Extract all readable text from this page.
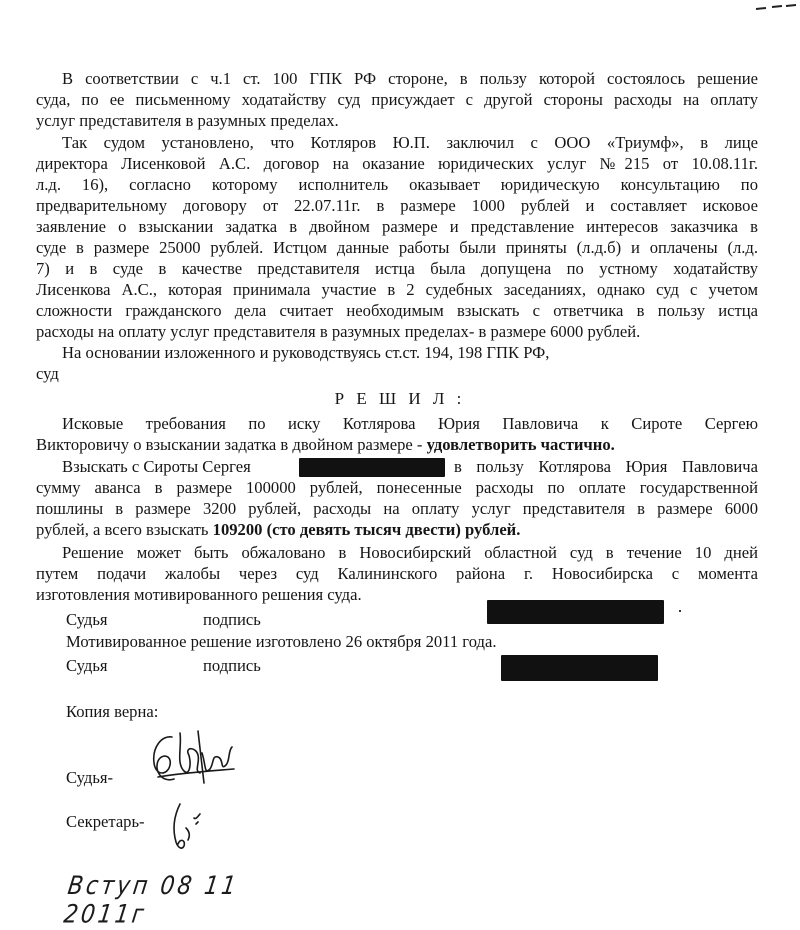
В соответствии с ч.1 ст. 100 ГПК РФ стороне, в пользу которой состоялось решение
суда, по ее письменному ходатайству суд присуждает с другой стороны расходы на оплату
услуг представителя в разумных пределах.
Так судом установлено, что Котляров Ю.П. заключил с ООО «Триумф», в лице
директора Лисенковой А.С. договор на оказание юридических услуг №215 от 10.08.11г.
л.д. 16), согласно которому исполнитель оказывает юридическую консультацию по
предварительному договору от 22.07.11г. в размере 1000 рублей и составляет исковое
заявление о взыскании задатка в двойном размере и представление интересов заказчика в
суде в размере 25000 рублей. Истцом данные работы были приняты (л.д.б) и оплачены (л.д.
7) и в суде в качестве представителя истца была допущена по устному ходатайству
Лисенкова А.С., которая принимала участие в 2 судебных заседаниях, однако суд с учетом
сложности гражданского дела считает необходимым взыскать с ответчика в пользу истца
расходы на оплату услуг представителя в разумных пределах- в размере 6000 рублей.
На основании изложенного и руководствуясь ст.ст. 194, 198 ГПК РФ,
суд
Р Е Ш И Л :
Исковые требования по иску Котлярова Юрия Павловича к Сироте Сергею
Викторовичу о взыскании задатка в двойном размере - удовлетворить частично.
Взыскать с Сироты Сергея	в пользу Котлярова Юрия Павловича
сумму аванса в размере 100000 рублей, понесенные расходы по оплате государственной
пошлины в размере 3200 рублей, расходы на оплату услуг представителя в размере 6000
рублей, а всего взыскать 109200 (сто девять тысяч двести) рублей.
Решение может быть обжаловано в Новосибирский областной суд в течение 10 дней
путем подачи жалобы через суд Калининского района г. Новосибирска с момента
изготовления мотивированного решения суда.
Судья	подпись
Мотивированное решение изготовлено 26 октября 2011 года.
Судья	подпись
Копия верна:
Судья-
Секретарь-
Вступ 08 11 2011г
